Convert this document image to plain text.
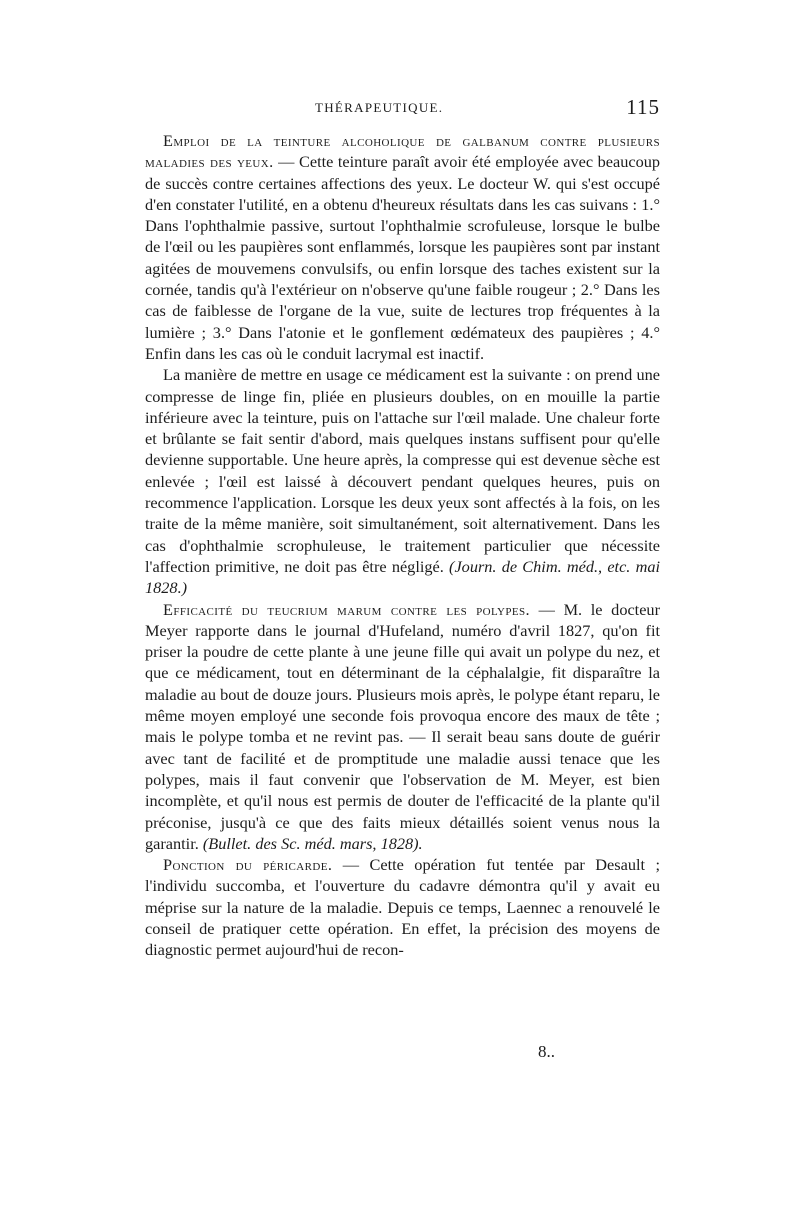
THÉRAPEUTIQUE.	115

Emploi de la teinture alcoholique de galbanum contre plusieurs maladies des yeux. — Cette teinture paraît avoir été employée avec beaucoup de succès contre certaines affections des yeux. Le docteur W. qui s'est occupé d'en constater l'utilité, en a obtenu d'heureux résultats dans les cas suivans : 1.° Dans l'ophthalmie passive, surtout l'ophthalmie scrofuleuse, lorsque le bulbe de l'œil ou les paupières sont enflammés, lorsque les paupières sont par instant agitées de mouvemens convulsifs, ou enfin lorsque des taches existent sur la cornée, tandis qu'à l'extérieur on n'observe qu'une faible rougeur ; 2.° Dans les cas de faiblesse de l'organe de la vue, suite de lectures trop fréquentes à la lumière ; 3.° Dans l'atonie et le gonflement œdémateux des paupières ; 4.° Enfin dans les cas où le conduit lacrymal est inactif.

La manière de mettre en usage ce médicament est la suivante : on prend une compresse de linge fin, pliée en plusieurs doubles, on en mouille la partie inférieure avec la teinture, puis on l'attache sur l'œil malade. Une chaleur forte et brûlante se fait sentir d'abord, mais quelques instans suffisent pour qu'elle devienne supportable. Une heure après, la compresse qui est devenue sèche est enlevée ; l'œil est laissé à découvert pendant quelques heures, puis on recommence l'application. Lorsque les deux yeux sont affectés à la fois, on les traite de la même manière, soit simultanément, soit alternativement. Dans les cas d'ophthalmie scrophuleuse, le traitement particulier que nécessite l'affection primitive, ne doit pas être négligé. (Journ. de Chim. méd., etc. mai 1828.)

Efficacité du teucrium marum contre les polypes. — M. le docteur Meyer rapporte dans le journal d'Hufeland, numéro d'avril 1827, qu'on fit priser la poudre de cette plante à une jeune fille qui avait un polype du nez, et que ce médicament, tout en déterminant de la céphalalgie, fit disparaître la maladie au bout de douze jours. Plusieurs mois après, le polype étant reparu, le même moyen employé une seconde fois provoqua encore des maux de tête ; mais le polype tomba et ne revint pas. — Il serait beau sans doute de guérir avec tant de facilité et de promptitude une maladie aussi tenace que les polypes, mais il faut convenir que l'observation de M. Meyer, est bien incomplète, et qu'il nous est permis de douter de l'efficacité de la plante qu'il préconise, jusqu'à ce que des faits mieux détaillés soient venus nous la garantir. (Bullet. des Sc. méd. mars, 1828).

Ponction du péricarde. — Cette opération fut tentée par Desault ; l'individu succomba, et l'ouverture du cadavre démontra qu'il y avait eu méprise sur la nature de la maladie. Depuis ce temps, Laennec a renouvelé le conseil de pratiquer cette opération. En effet, la précision des moyens de diagnostic permet aujourd'hui de recon-

8..
